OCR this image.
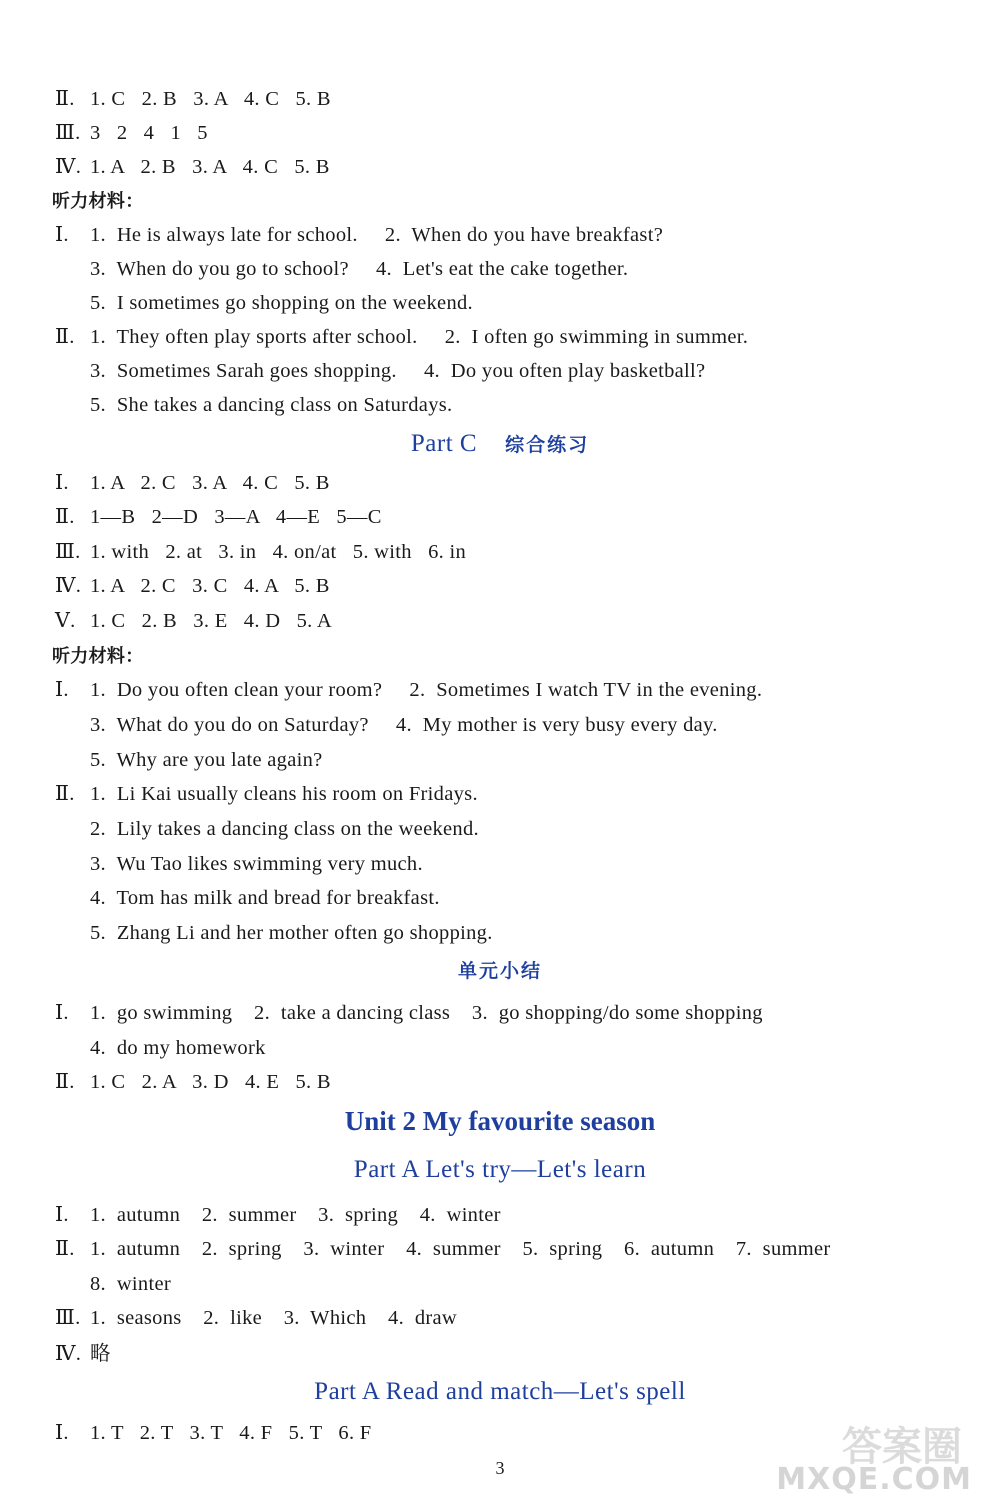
Ⅱ.

1. C   2. B   3. A   4. C   5. B

Ⅲ.

3   2   4   1   5

Ⅳ.

1. A   2. B   3. A   4. C   5. B

听力材料：

Ⅰ.

1.  He is always late for school.     2.  When do you have breakfast?

3.  When do you go to school?     4.  Let's eat the cake together.

5.  I sometimes go shopping on the weekend.

Ⅱ.

1.  They often play sports after school.     2.  I often go swimming in summer.

3.  Sometimes Sarah goes shopping.     4.  Do you often play basketball?

5.  She takes a dancing class on Saturdays.

Part C 综合练习

Ⅰ.

1. A   2. C   3. A   4. C   5. B

Ⅱ.

1—B   2—D   3—A   4—E   5—C

Ⅲ.

1. with   2. at   3. in   4. on/at   5. with   6. in

Ⅳ.

1. A   2. C   3. C   4. A   5. B

Ⅴ.

1. C   2. B   3. E   4. D   5. A

听力材料：

Ⅰ.

1.  Do you often clean your room?     2.  Sometimes I watch TV in the evening.

3.  What do you do on Saturday?     4.  My mother is very busy every day.

5.  Why are you late again?

Ⅱ.

1.  Li Kai usually cleans his room on Fridays.

2.  Lily takes a dancing class on the weekend.

3.  Wu Tao likes swimming very much.

4.  Tom has milk and bread for breakfast.

5.  Zhang Li and her mother often go shopping.

单元小结

Ⅰ.

1.  go swimming    2.  take a dancing class    3.  go shopping/do some shopping

4.  do my homework

Ⅱ.

1. C   2. A   3. D   4. E   5. B

Unit 2 My favourite season
Part A Let's try—Let's learn

Ⅰ.

1.  autumn    2.  summer    3.  spring    4.  winter

Ⅱ.

1.  autumn    2.  spring    3.  winter    4.  summer    5.  spring    6.  autumn    7.  summer

8.  winter

Ⅲ.

1.  seasons    2.  like    3.  Which    4.  draw

Ⅳ.

略

Part A Read and match—Let's spell

Ⅰ.

1. T   2. T   3. T   4. F   5. T   6. F

3	答案圈
MXQE.COM
